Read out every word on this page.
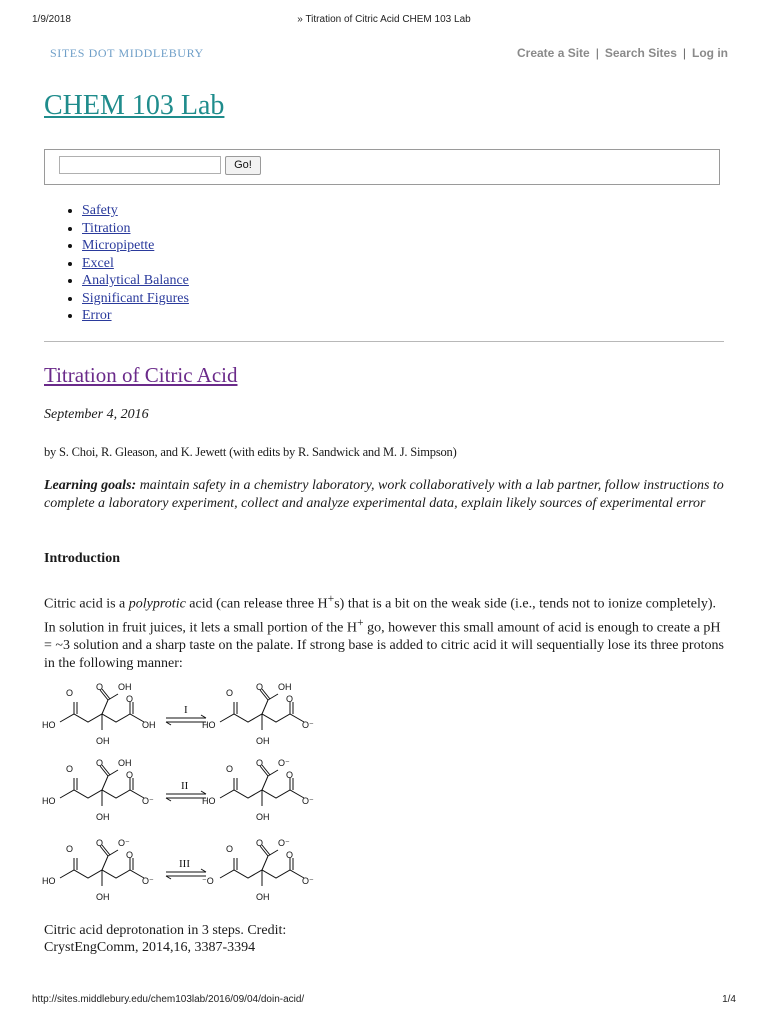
1/9/2018	» Titration of Citric Acid CHEM 103 Lab
SITES DOT MIDDLEBURY	Create a Site | Search Sites | Log in
CHEM 103 Lab
Go!
• Safety
• Titration
• Micropipette
• Excel
• Analytical Balance
• Significant Figures
• Error
Titration of Citric Acid
September 4, 2016
by S. Choi, R. Gleason, and K. Jewett (with edits by R. Sandwick and M. J. Simpson)
Learning goals: maintain safety in a chemistry laboratory, work collaboratively with a lab partner, follow instructions to complete a laboratory experiment, collect and analyze experimental data, explain likely sources of experimental error
Introduction

Citric acid is a polyprotic acid (can release three H+s) that is a bit on the weak side (i.e., tends not to ionize completely). In solution in fruit juices, it lets a small portion of the H+ go, however this small amount of acid is enough to create a pH = ~3 solution and a sharp taste on the palate. If strong base is added to citric acid it will sequentially lose its three protons in the following manner:

O
O OH
O
HO	OH
OH
O
O OH
O
HO	O⁻
OH
O
O OH
O
HO	O⁻
OH
O
O O⁻
O
HO	O⁻
OH
O
O O⁻
O
HO	O⁻
OH
O
O O⁻
O
⁻O	O⁻
OH
I
II
III
Citric acid deprotonation in 3 steps. Credit: CrystEngComm, 2014,16, 3387-3394
http://sites.middlebury.edu/chem103lab/2016/09/04/doin-acid/	1/4
